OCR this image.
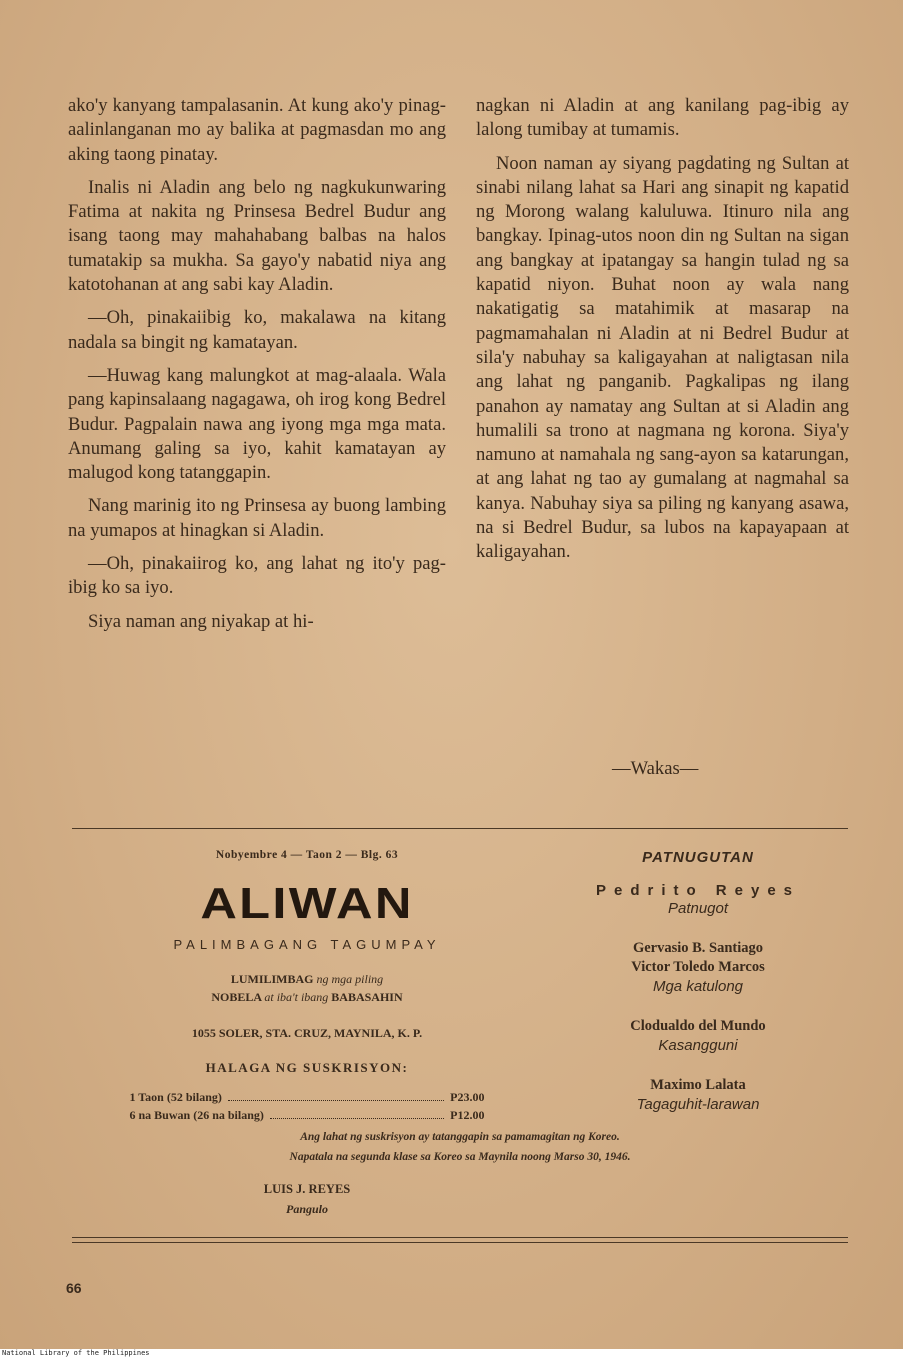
ako'y kanyang tampalasanin. At kung ako'y pinag-aalinlanganan mo ay balika at pagmasdan mo ang aking taong pinatay.

Inalis ni Aladin ang belo ng nagkukunwaring Fatima at nakita ng Prinsesa Bedrel Budur ang isang taong may mahahabang balbas na halos tumatakip sa mukha. Sa gayo'y nabatid niya ang katotohanan at ang sabi kay Aladin.

—Oh, pinakaiibig ko, makalawa na kitang nadala sa bingit ng kamatayan.

—Huwag kang malungkot at mag-alaala. Wala pang kapinsalaang nagagawa, oh irog kong Bedrel Budur. Pagpalain nawa ang iyong mga mga mata. Anumang galing sa iyo, kahit kamatayan ay malugod kong tatanggapin.

Nang marinig ito ng Prinsesa ay buong lambing na yumapos at hinagkan si Aladin.

—Oh, pinakaiirog ko, ang lahat ng ito'y pag-ibig ko sa iyo.

Siya naman ang niyakap at hi-

nagkan ni Aladin at ang kanilang pag-ibig ay lalong tumibay at tumamis.

Noon naman ay siyang pagdating ng Sultan at sinabi nilang lahat sa Hari ang sinapit ng kapatid ng Morong walang kaluluwa. Itinuro nila ang bangkay. Ipinag-utos noon din ng Sultan na sigan ang bangkay at ipatangay sa hangin tulad ng sa kapatid niyon. Buhat noon ay wala nang nakatigatig sa matahimik at masarap na pagmamahalan ni Aladin at ni Bedrel Budur at sila'y nabuhay sa kaligayahan at naligtasan nila ang lahat ng panganib. Pagkalipas ng ilang panahon ay namatay ang Sultan at si Aladin ang humalili sa trono at nagmana ng korona. Siya'y namuno at namahala ng sang-ayon sa katarungan, at ang lahat ng tao ay gumalang at nagmahal sa kanya. Nabuhay siya sa piling ng kanyang asawa, na si Bedrel Budur, sa lubos na kapayapaan at kaligayahan.

—Wakas—
Nobyembre 4 — Taon 2 — Blg. 63
ALIWAN
PALIMBAGANG TAGUMPAY
LUMILIMBAG ng mga piling
NOBELA at iba't ibang BABASAHIN
1055 SOLER, STA. CRUZ, MAYNILA, K. P.
HALAGA NG SUSKRISYON:
1 Taon (52 bilang)	P23.00
6 na Buwan (26 na bilang)	P12.00
PATNUGUTAN
Pedrito Reyes
Patnugot
Gervasio B. Santiago
Victor Toledo Marcos
Mga katulong
Clodualdo del Mundo
Kasangguni
Maximo Lalata
Tagaguhit-larawan
Ang lahat ng suskrisyon ay tatanggapin sa pamamagitan ng Koreo.
Napatala na segunda klase sa Koreo sa Maynila noong Marso 30, 1946.
LUIS J. REYES
Pangulo
66
National Library of the Philippines
